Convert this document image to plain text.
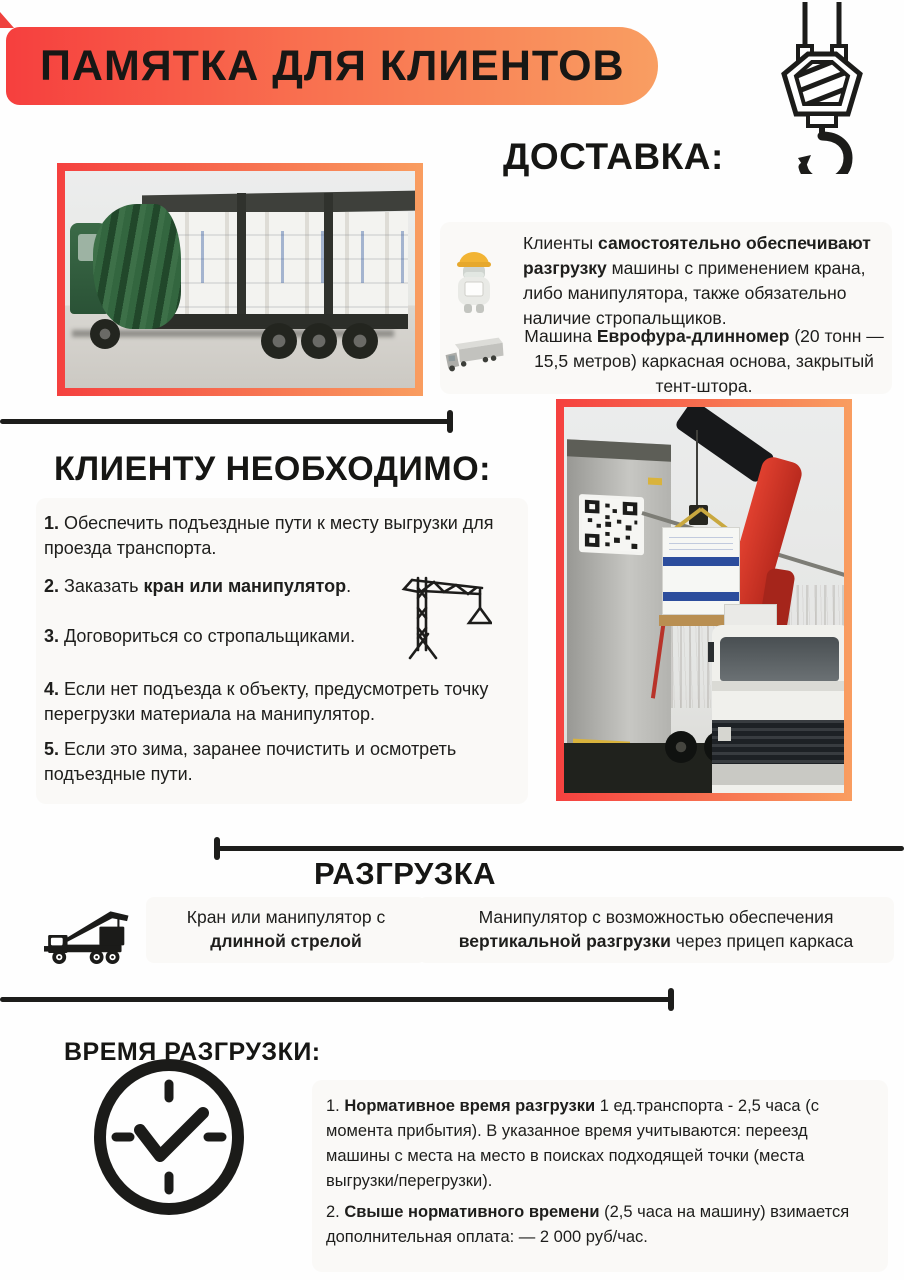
ПАМЯТКА ДЛЯ КЛИЕНТОВ
ДОСТАВКА:
Клиенты самостоятельно обеспечивают разгрузку машины с применением крана, либо манипулятора, также обязательно наличие стропальщиков.
Машина Еврофура-длинномер (20 тонн — 15,5 метров) каркасная основа, закрытый тент-штора.
КЛИЕНТУ НЕОБХОДИМО:
1. Обеспечить подъездные пути к месту выгрузки для проезда транспорта.
2. Заказать кран или манипулятор.
3. Договориться со стропальщиками.
4. Если нет подъезда к объекту, предусмотреть точку перегрузки материала на манипулятор.
5. Если это зима, заранее почистить и осмотреть подъездные пути.
РАЗГРУЗКА
Кран или манипулятор с длинной стрелой
Манипулятор с возможностью обеспечения вертикальной разгрузки через прицеп каркаса
ВРЕМЯ РАЗГРУЗКИ:
1. Нормативное время разгрузки 1 ед.транспорта - 2,5 часа (с момента прибытия). В указанное время учитываются: переезд машины с места на место в поисках подходящей точки (места выгрузки/перегрузки).
2. Свыше нормативного времени (2,5 часа на машину) взимается дополнительная оплата: — 2 000 руб/час.
